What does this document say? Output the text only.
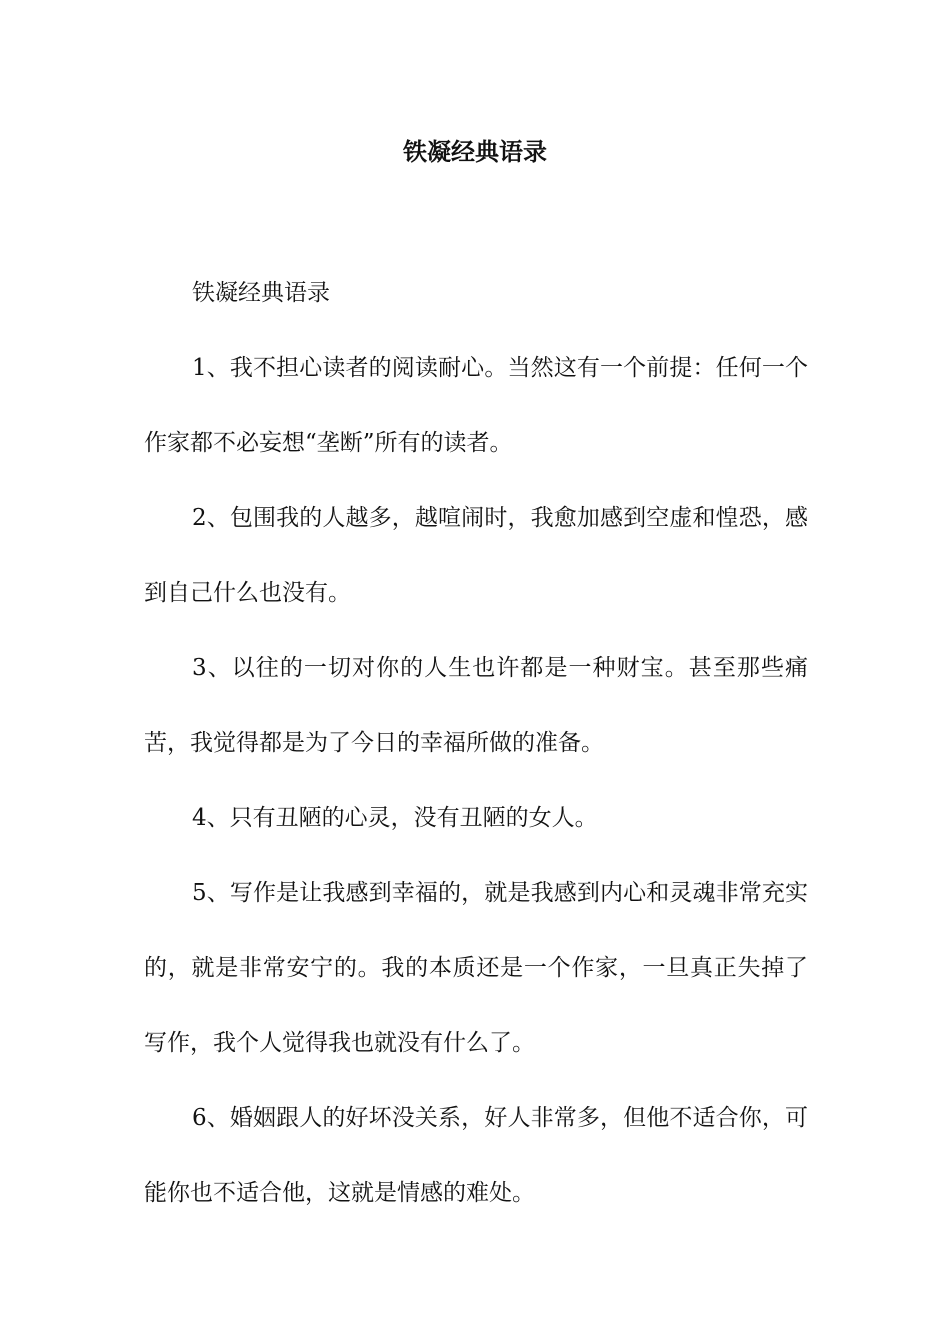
铁凝经典语录

铁凝经典语录

1、我不担心读者的阅读耐心。当然这有一个前提：任何一个作家都不必妄想“垄断”所有的读者。

2、包围我的人越多，越喧闹时，我愈加感到空虚和惶恐，感到自己什么也没有。

3、以往的一切对你的人生也许都是一种财宝。甚至那些痛苦，我觉得都是为了今日的幸福所做的准备。

4、只有丑陋的心灵，没有丑陋的女人。

5、写作是让我感到幸福的，就是我感到内心和灵魂非常充实的，就是非常安宁的。我的本质还是一个作家，一旦真正失掉了写作，我个人觉得我也就没有什么了。

6、婚姻跟人的好坏没关系，好人非常多，但他不适合你，可能你也不适合他，这就是情感的难处。
